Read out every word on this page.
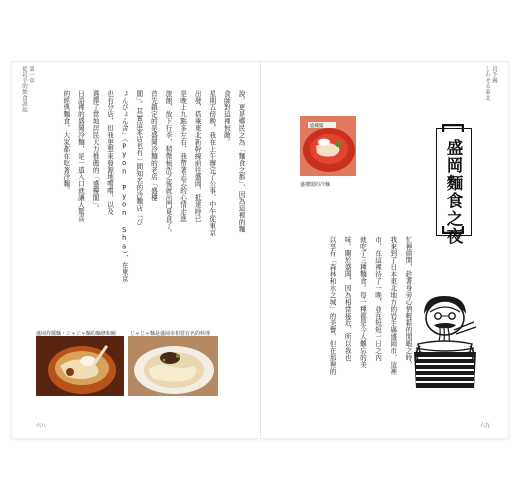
第一章
從岩手的飲食說起
說，更是鄉民之為「麵食之都」，因為這裡的麵
食師對這裡無敵。
星期五傍晚，我在上午辦完了公事，中午從東京
出發，搭乘東北新幹線前往盛岡，抵達時已
是晚上九點多左右，我帶著忐忑的心情走進
旅館，放下行李，稍微梳洗之後就出門覓食了。
首先鎖定的是盛岡冷麵的老店「盛樓
閣」。其實這家店也有一間知名的冷麵店「ぴ
ょんぴょん舍」（Pyon Pyon Sha），在東京
也有分店，但我更想來發源地嚐嚐，以及
選擇了當地居民大力推薦的「盛樓閣」。
日語裡的盛岡冷麵，是一道入口就讓人驚喜
的經典麵食，大家都在吃著冷麵。
盛岡炸醬麵・ジャジャ麵的麵條和碗	じゃじゃ麵是盛岡市相當有名的料理
六八
岩手縣
しわせる東北
盛樓閣
盛樓閣的冷麵	盛岡麵食之夜
忙裡偷閒，趁著身旁心情輕鬆的閒暇之時，
我來到了日本東北地方的岩手縣盛岡市，這裡
市，在這裡待了一晚，並在短短一日之內
就吃了三種麵食。每一種都是今人難忘的美
味。關於盛岡，因為相當接近，所以我也
以享有「森林和水之城」的美譽，但在那裡的
六九
